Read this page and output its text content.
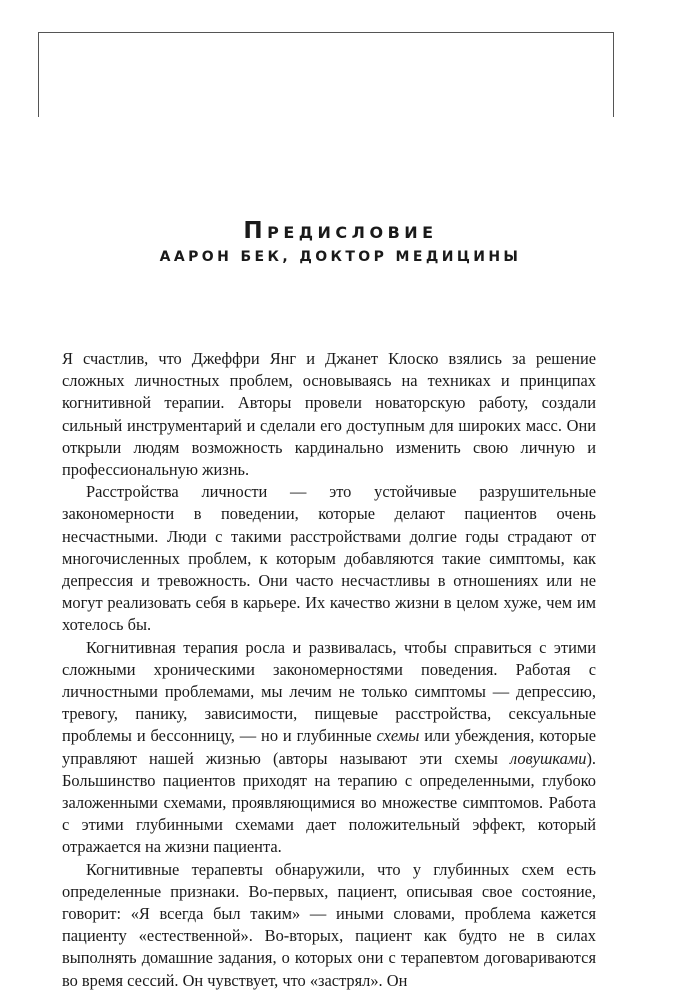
Предисловие
ААРОН БЕК, ДОКТОР МЕДИЦИНЫ

Я счастлив, что Джеффри Янг и Джанет Клоско взялись за решение сложных личностных проблем, основываясь на техниках и принципах когнитивной терапии. Авторы провели новаторскую работу, создали сильный инструментарий и сделали его доступным для широких масс. Они открыли людям возможность кардинально изменить свою личную и профессиональную жизнь.

Расстройства личности — это устойчивые разрушительные закономерности в поведении, которые делают пациентов очень несчастными. Люди с такими расстройствами долгие годы страдают от многочисленных проблем, к которым добавляются такие симптомы, как депрессия и тревожность. Они часто несчастливы в отношениях или не могут реализовать себя в карьере. Их качество жизни в целом хуже, чем им хотелось бы.

Когнитивная терапия росла и развивалась, чтобы справиться с этими сложными хроническими закономерностями поведения. Работая с личностными проблемами, мы лечим не только симптомы — депрессию, тревогу, панику, зависимости, пищевые расстройства, сексуальные проблемы и бессонницу, — но и глубинные схемы или убеждения, которые управляют нашей жизнью (авторы называют эти схемы ловушками). Большинство пациентов приходят на терапию с определенными, глубоко заложенными схемами, проявляющимися во множестве симптомов. Работа с этими глубинными схемами дает положительный эффект, который отражается на жизни пациента.

Когнитивные терапевты обнаружили, что у глубинных схем есть определенные признаки. Во-первых, пациент, описывая свое состояние, говорит: «Я всегда был таким» — иными словами, проблема кажется пациенту «естественной». Во-вторых, пациент как будто не в силах выполнять домашние задания, о которых они с терапевтом договариваются во время сессий. Он чувствует, что «застрял». Он
